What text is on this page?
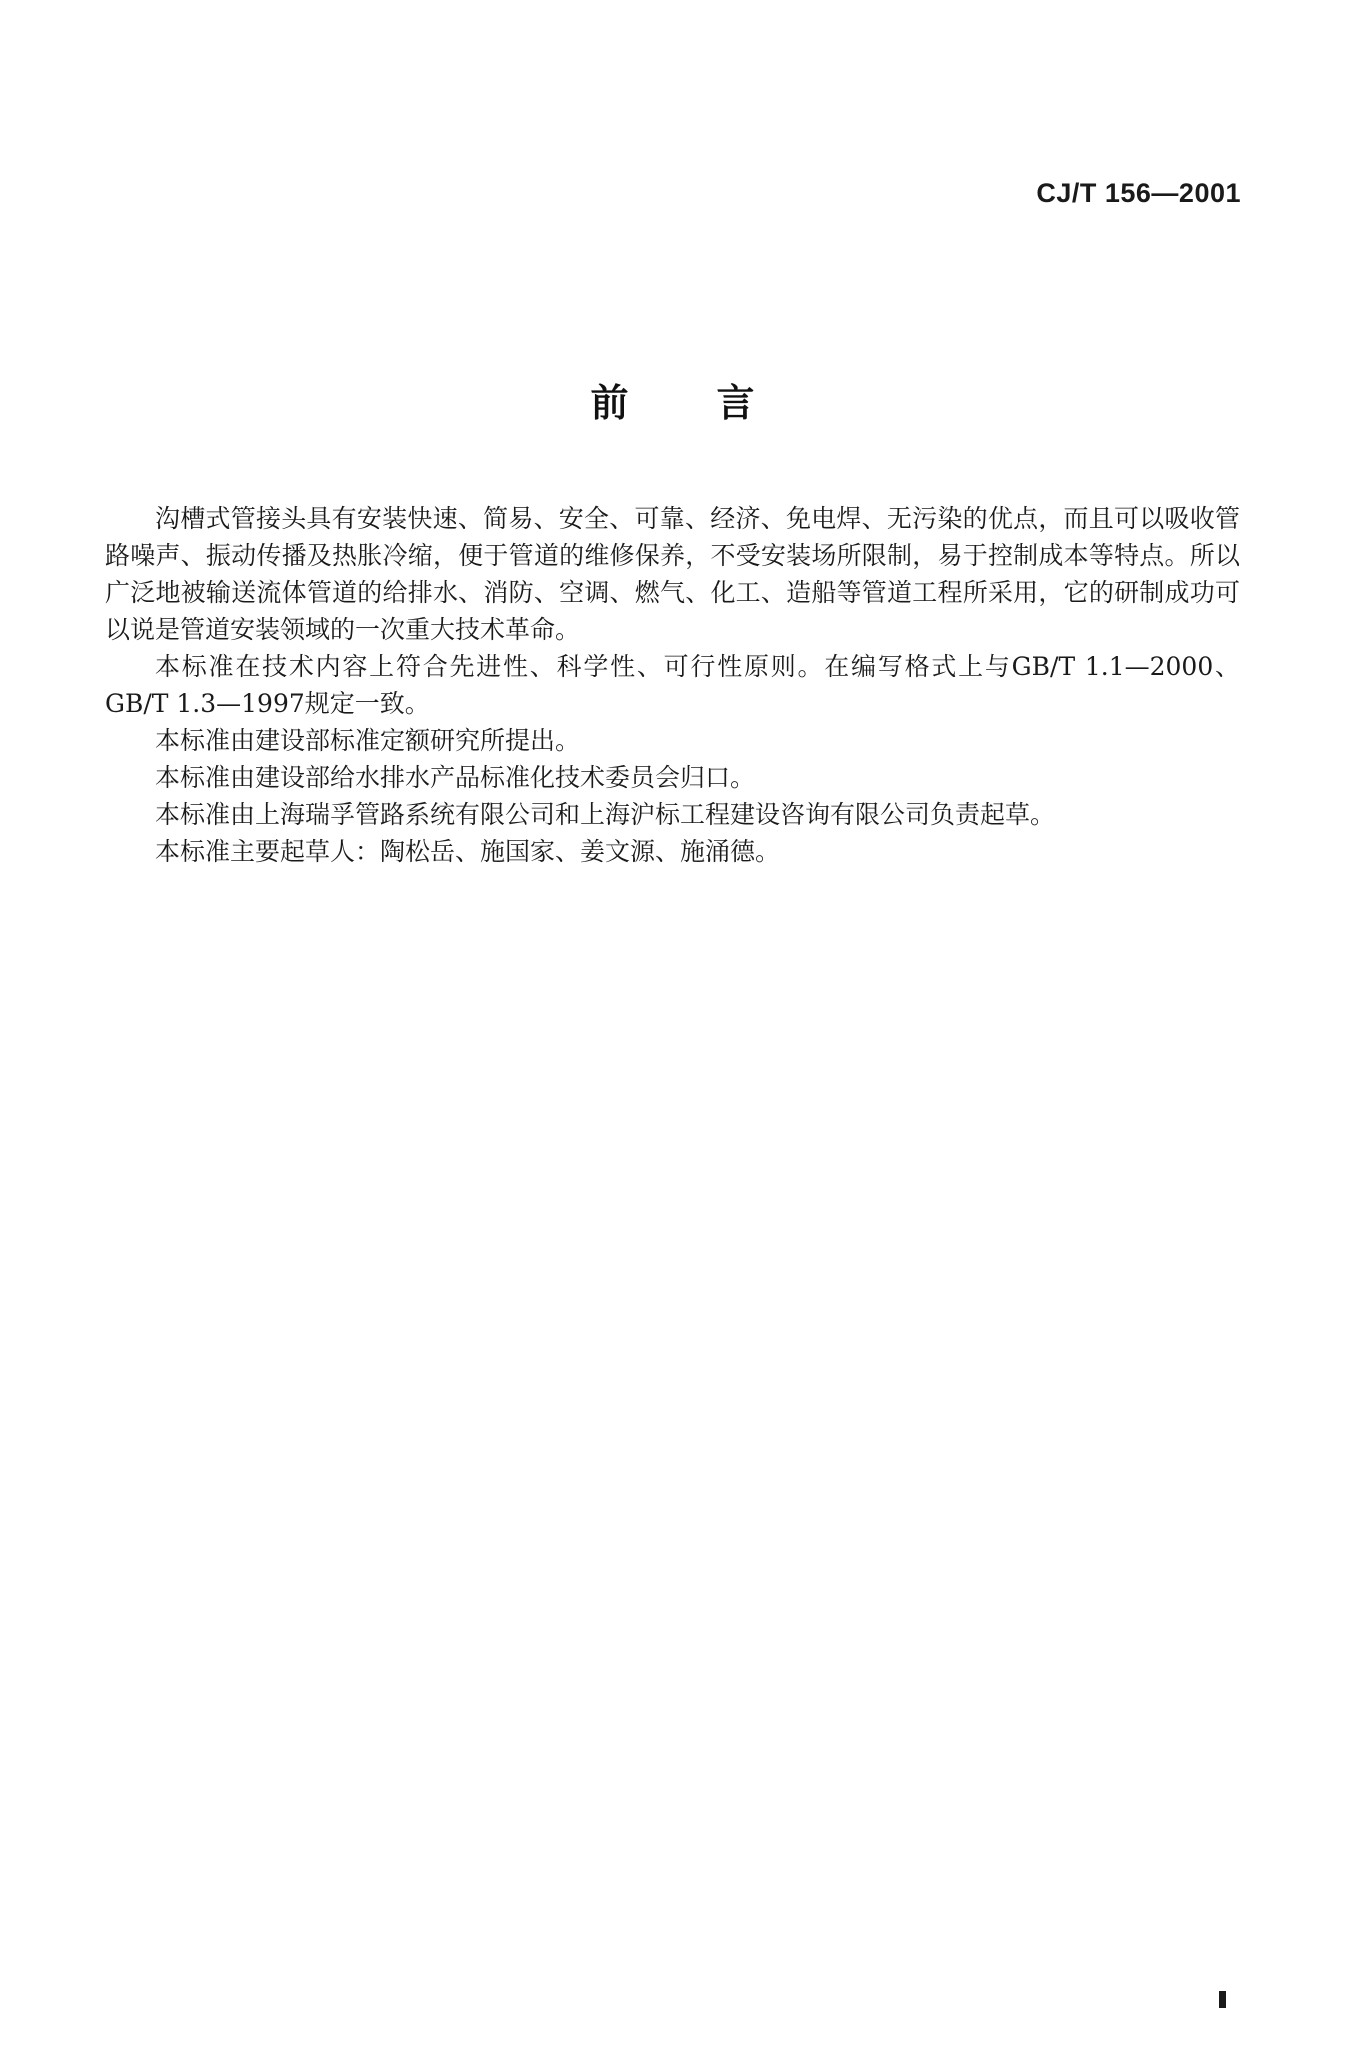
CJ/T 156—2001
前言

沟槽式管接头具有安装快速、简易、安全、可靠、经济、免电焊、无污染的优点，而且可以吸收管路噪声、振动传播及热胀冷缩，便于管道的维修保养，不受安装场所限制，易于控制成本等特点。所以广泛地被输送流体管道的给排水、消防、空调、燃气、化工、造船等管道工程所采用，它的研制成功可以说是管道安装领域的一次重大技术革命。

本标准在技术内容上符合先进性、科学性、可行性原则。在编写格式上与GB/T 1.1—2000、GB/T 1.3—1997规定一致。

本标准由建设部标准定额研究所提出。

本标准由建设部给水排水产品标准化技术委员会归口。

本标准由上海瑞孚管路系统有限公司和上海沪标工程建设咨询有限公司负责起草。

本标准主要起草人：陶松岳、施国家、姜文源、施涌德。
